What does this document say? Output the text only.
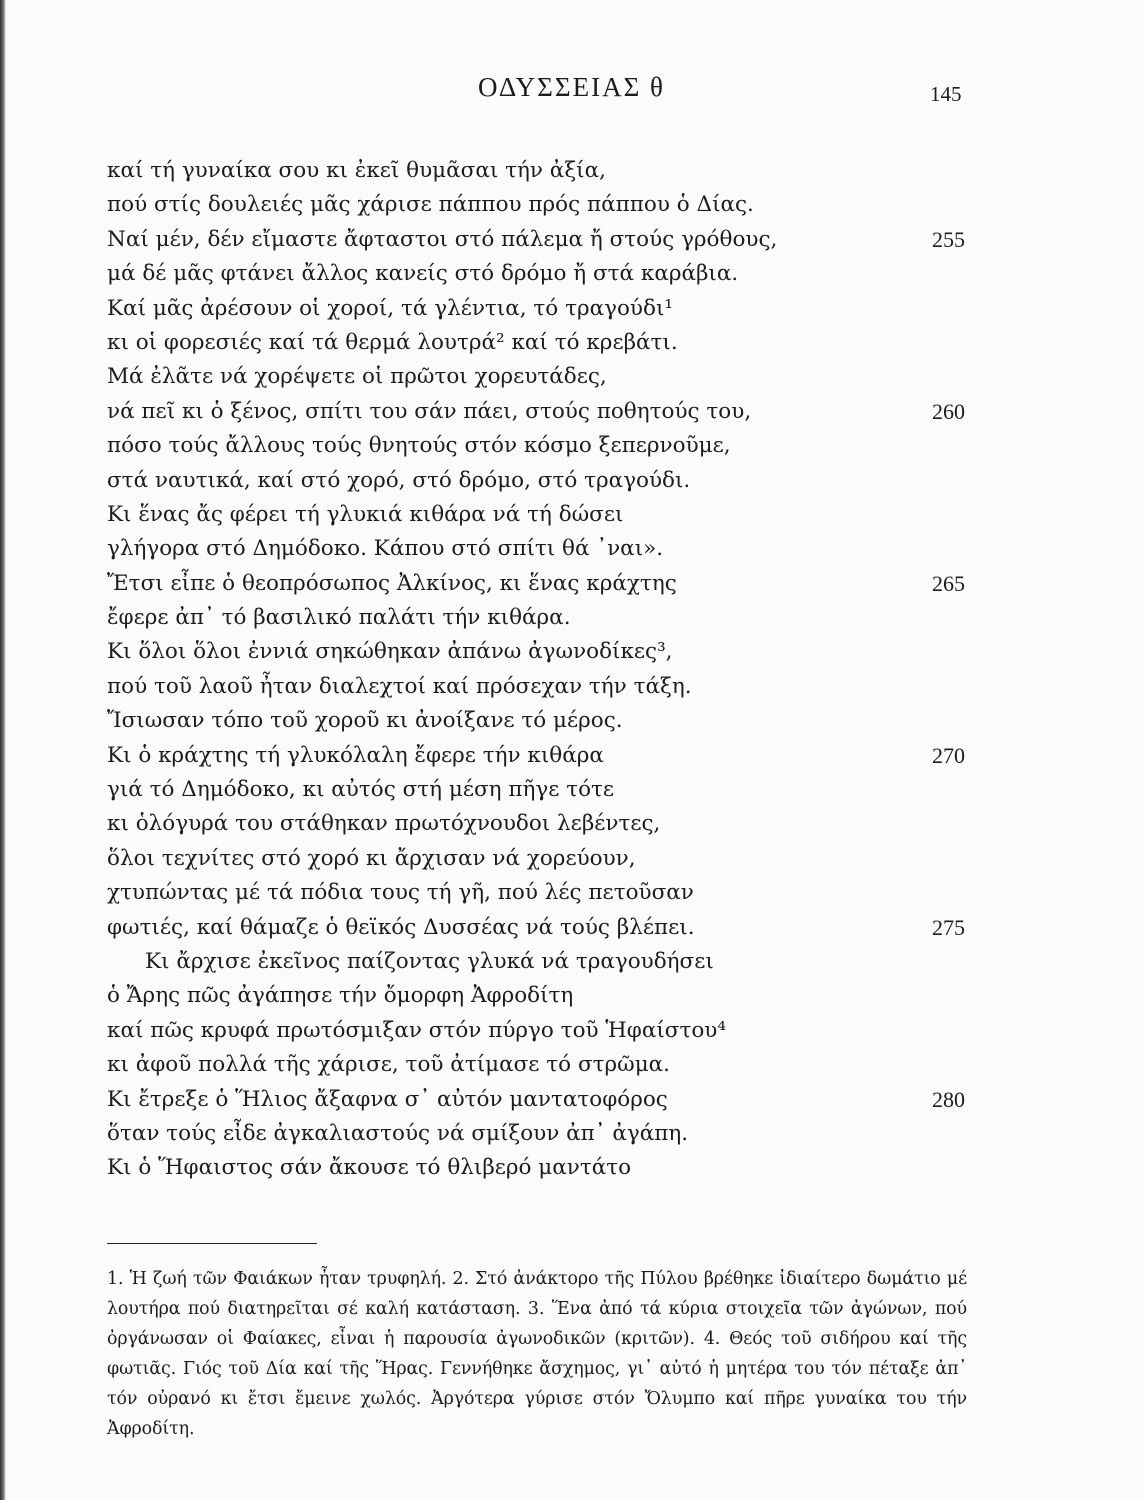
ΟΔΥΣΣΕΙΑΣ θ	145
καί τή γυναίκα σου κι ἐκεῖ θυμᾶσαι τήν ἀξία,
πού στίς δουλειές μᾶς χάρισε πάππου πρός πάππου ὁ Δίας.
Ναί μέν, δέν εἴμαστε ἄφταστοι στό πάλεμα ἤ στούς γρόθους,	255
μά δέ μᾶς φτάνει ἄλλος κανείς στό δρόμο ἤ στά καράβια.
Καί μᾶς ἀρέσουν οἱ χοροί, τά γλέντια, τό τραγούδι¹
κι οἱ φορεσιές καί τά θερμά λουτρά² καί τό κρεβάτι.
Μά ἐλᾶτε νά χορέψετε οἱ πρῶτοι χορευτάδες,
νά πεῖ κι ὁ ξένος, σπίτι του σάν πάει, στούς ποθητούς του,	260
πόσο τούς ἄλλους τούς θνητούς στόν κόσμο ξεπερνοῦμε,
στά ναυτικά, καί στό χορό, στό δρόμο, στό τραγούδι.
Κι ἕνας ἄς φέρει τή γλυκιά κιθάρα νά τή δώσει
γλήγορα στό Δημόδοκο. Κάπου στό σπίτι θά ᾽ναι».
Ἔτσι εἶπε ὁ θεοπρόσωπος Ἀλκίνος, κι ἕνας κράχτης	265
ἔφερε ἀπ᾽ τό βασιλικό παλάτι τήν κιθάρα.
Κι ὅλοι ὅλοι ἐννιά σηκώθηκαν ἀπάνω ἀγωνοδίκες³,
πού τοῦ λαοῦ ἦταν διαλεχτοί καί πρόσεχαν τήν τάξη.
Ἴσιωσαν τόπο τοῦ χοροῦ κι ἀνοίξανε τό μέρος.
Κι ὁ κράχτης τή γλυκόλαλη ἔφερε τήν κιθάρα	270
γιά τό Δημόδοκο, κι αὐτός στή μέση πῆγε τότε
κι ὁλόγυρά του στάθηκαν πρωτόχνουδοι λεβέντες,
ὅλοι τεχνίτες στό χορό κι ἄρχισαν νά χορεύουν,
χτυπώντας μέ τά πόδια τους τή γῆ, πού λές πετοῦσαν
φωτιές, καί θάμαζε ὁ θεϊκός Δυσσέας νά τούς βλέπει.	275
Κι ἄρχισε ἐκεῖνος παίζοντας γλυκά νά τραγουδήσει
ὁ Ἄρης πῶς ἀγάπησε τήν ὄμορφη Ἀφροδίτη
καί πῶς κρυφά πρωτόσμιξαν στόν πύργο τοῦ Ἡφαίστου⁴
κι ἀφοῦ πολλά τῆς χάρισε, τοῦ ἀτίμασε τό στρῶμα.
Κι ἔτρεξε ὁ Ἥλιος ἄξαφνα σ᾽ αὐτόν μαντατοφόρος	280
ὅταν τούς εἶδε ἀγκαλιαστούς νά σμίξουν ἀπ᾽ ἀγάπη.
Κι ὁ Ἥφαιστος σάν ἄκουσε τό θλιβερό μαντάτο
1. Ἡ ζωή τῶν Φαιάκων ἦταν τρυφηλή. 2. Στό ἀνάκτορο τῆς Πύλου βρέθηκε ἰδιαίτερο δωμάτιο μέ λουτήρα πού διατηρεῖται σέ καλή κατάσταση. 3. Ἕνα ἀπό τά κύρια στοιχεῖα τῶν ἀγώνων, πού ὀργάνωσαν οἱ Φαίακες, εἶναι ἡ παρουσία ἀγωνοδικῶν (κριτῶν). 4. Θεός τοῦ σιδήρου καί τῆς φωτιᾶς. Γιός τοῦ Δία καί τῆς Ἥρας. Γεννήθηκε ἄσχημος, γι᾽ αὐτό ἡ μητέρα του τόν πέταξε ἀπ᾽ τόν οὐρανό κι ἔτσι ἔμεινε χωλός. Ἀργότερα γύρισε στόν Ὄλυμπο καί πῆρε γυναίκα του τήν Ἀφροδίτη.
